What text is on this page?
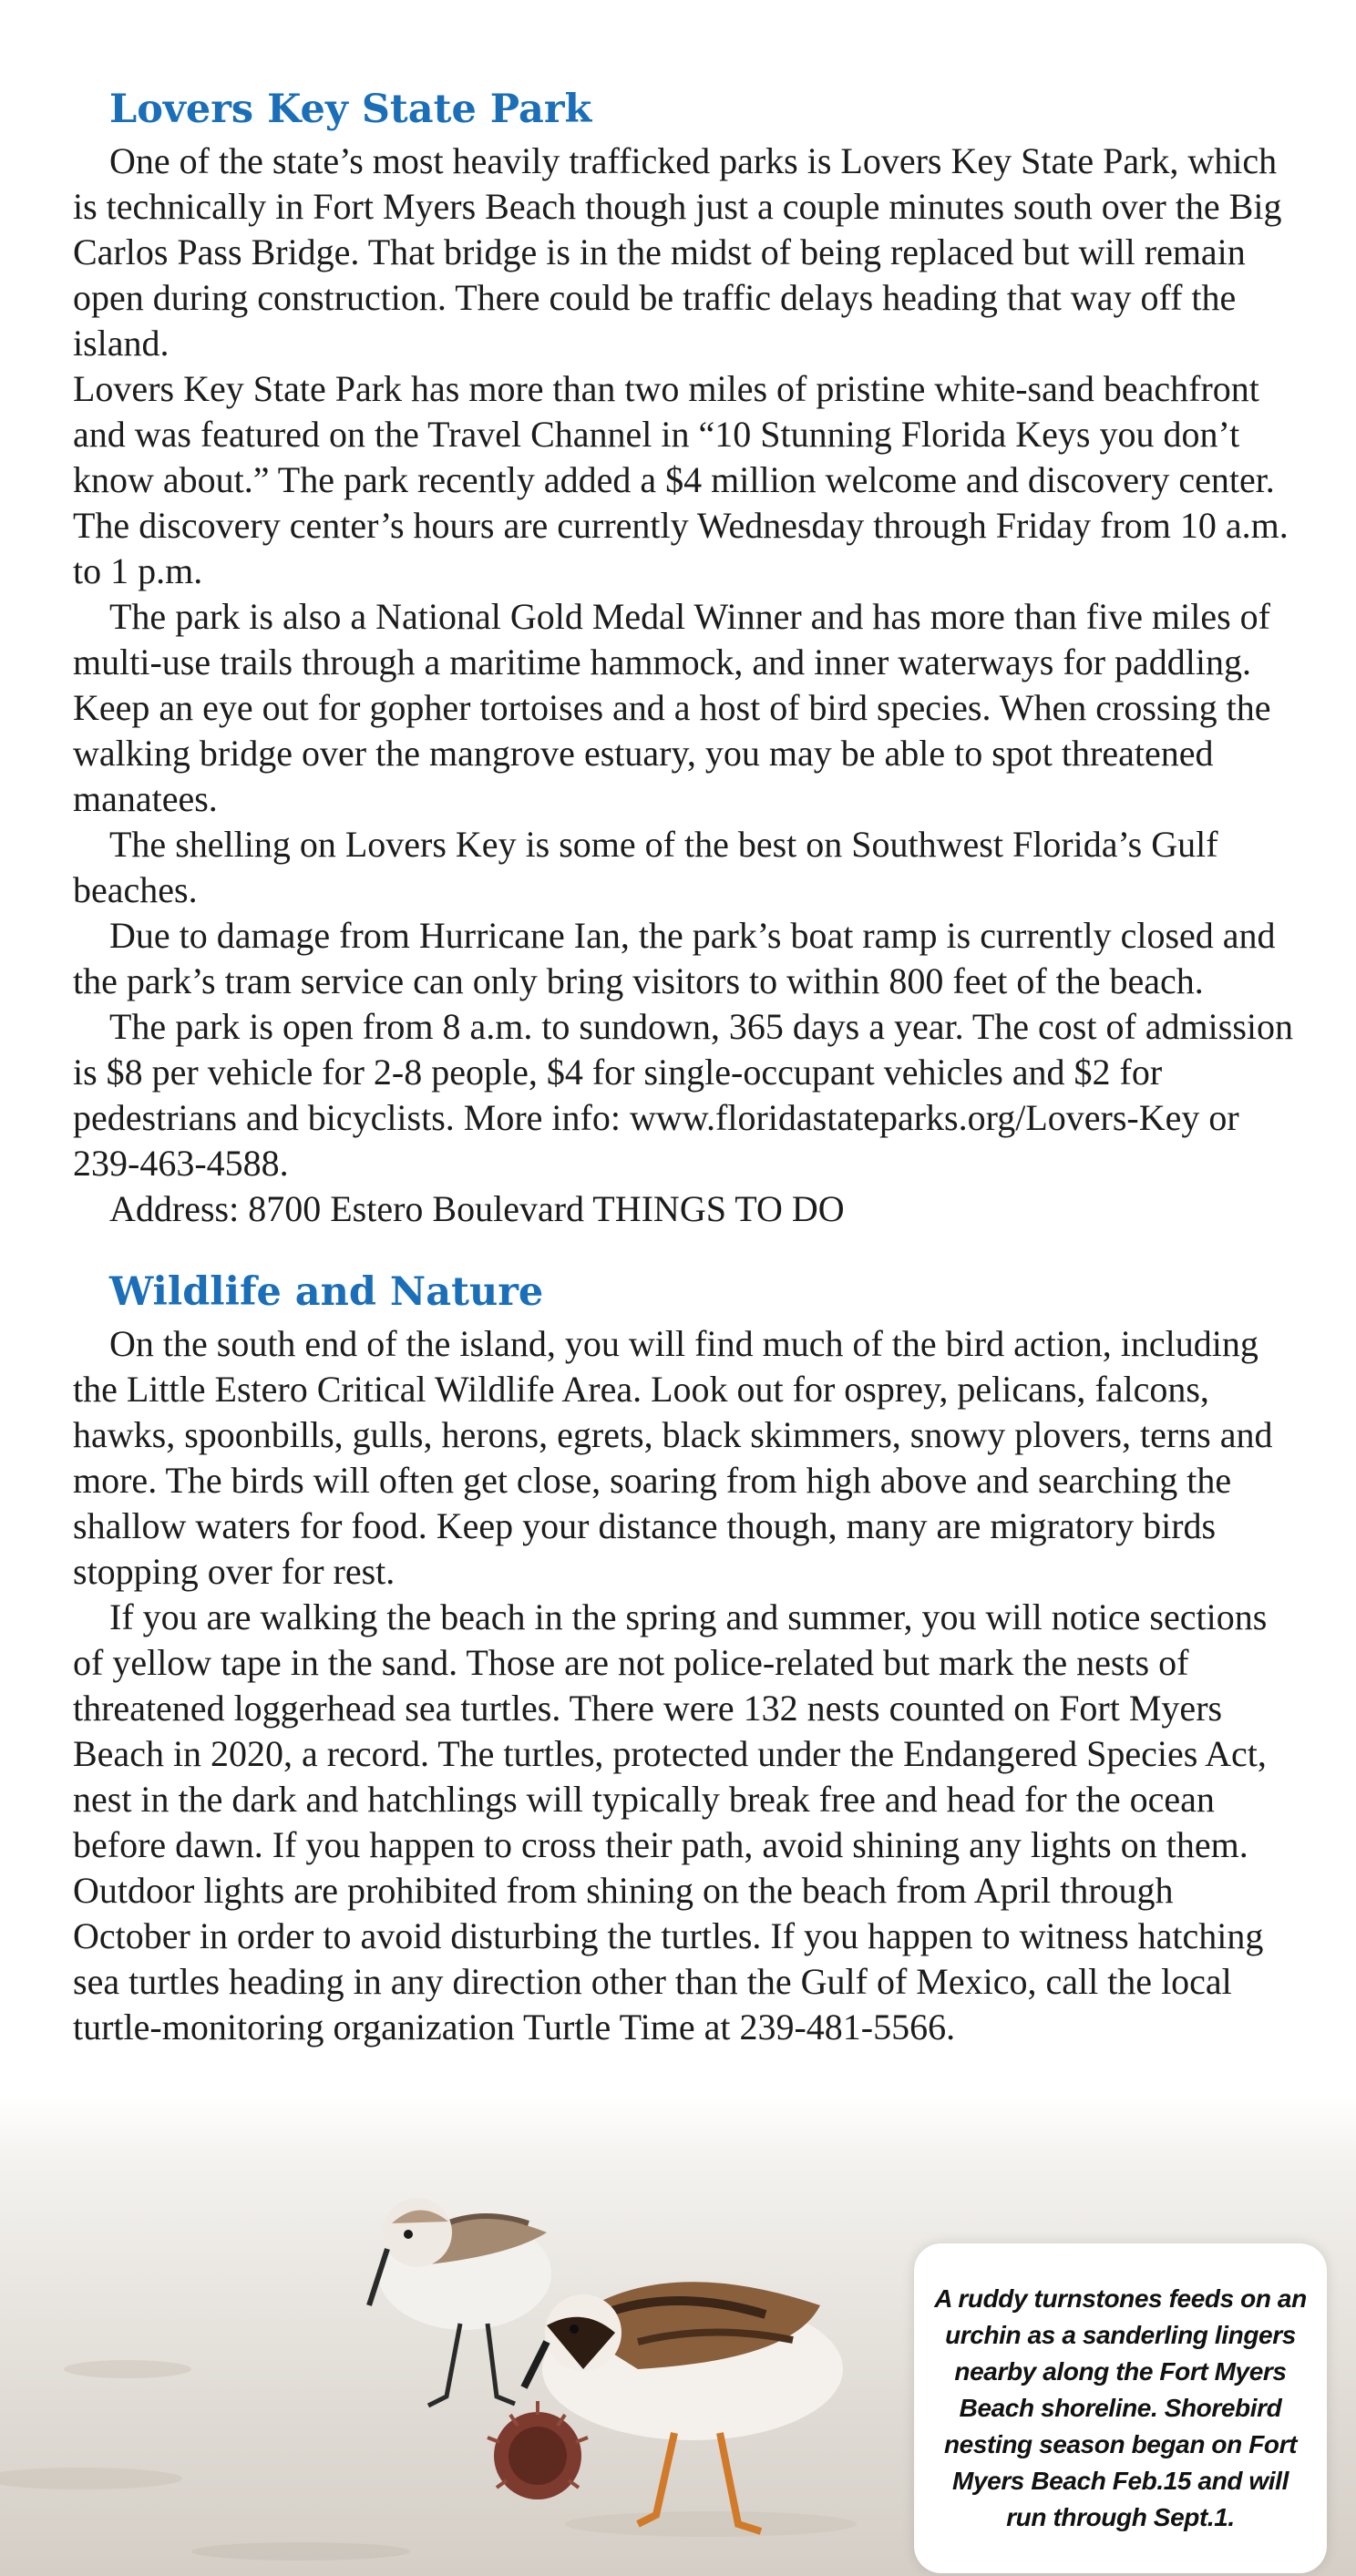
Lovers Key State Park

One of the state’s most heavily trafficked parks is Lovers Key State Park, which is technically in Fort Myers Beach though just a couple minutes south over the Big Carlos Pass Bridge. That bridge is in the midst of being replaced but will remain open during construction. There could be traffic delays heading that way off the island.

Lovers Key State Park has more than two miles of pristine white-sand beachfront and was featured on the Travel Channel in “10 Stunning Florida Keys you don’t know about.” The park recently added a $4 million welcome and discovery center. The discovery center’s hours are currently Wednesday through Friday from 10 a.m. to 1 p.m.

The park is also a National Gold Medal Winner and has more than five miles of multi-use trails through a maritime hammock, and inner waterways for paddling. Keep an eye out for gopher tortoises and a host of bird species. When crossing the walking bridge over the mangrove estuary, you may be able to spot threatened manatees.

The shelling on Lovers Key is some of the best on Southwest Florida’s Gulf beaches.

Due to damage from Hurricane Ian, the park’s boat ramp is currently closed and the park’s tram service can only bring visitors to within 800 feet of the beach.

The park is open from 8 a.m. to sundown, 365 days a year. The cost of admission is $8 per vehicle for 2-8 people, $4 for single-occupant vehicles and $2 for pedestrians and bicyclists. More info: www.floridastateparks.org/Lovers-Key or 239-463-4588.

Address: 8700 Estero Boulevard THINGS TO DO

Wildlife and Nature

On the south end of the island, you will find much of the bird action, including the Little Estero Critical Wildlife Area. Look out for osprey, pelicans, falcons, hawks, spoonbills, gulls, herons, egrets, black skimmers, snowy plovers, terns and more. The birds will often get close, soaring from high above and searching the shallow waters for food. Keep your distance though, many are migratory birds stopping over for rest.

If you are walking the beach in the spring and summer, you will notice sections of yellow tape in the sand. Those are not police-related but mark the nests of threatened loggerhead sea turtles. There were 132 nests counted on Fort Myers Beach in 2020, a record. The turtles, protected under the Endangered Species Act, nest in the dark and hatchlings will typically break free and head for the ocean before dawn. If you happen to cross their path, avoid shining any lights on them. Outdoor lights are prohibited from shining on the beach from April through October in order to avoid disturbing the turtles. If you happen to witness hatching sea turtles heading in any direction other than the Gulf of Mexico, call the local turtle-monitoring organization Turtle Time at 239-481-5566.

A ruddy turnstones feeds on an urchin as a sanderling lingers nearby along the Fort Myers Beach shoreline. Shorebird nesting season began on Fort Myers Beach Feb.15 and will run through Sept.1.
